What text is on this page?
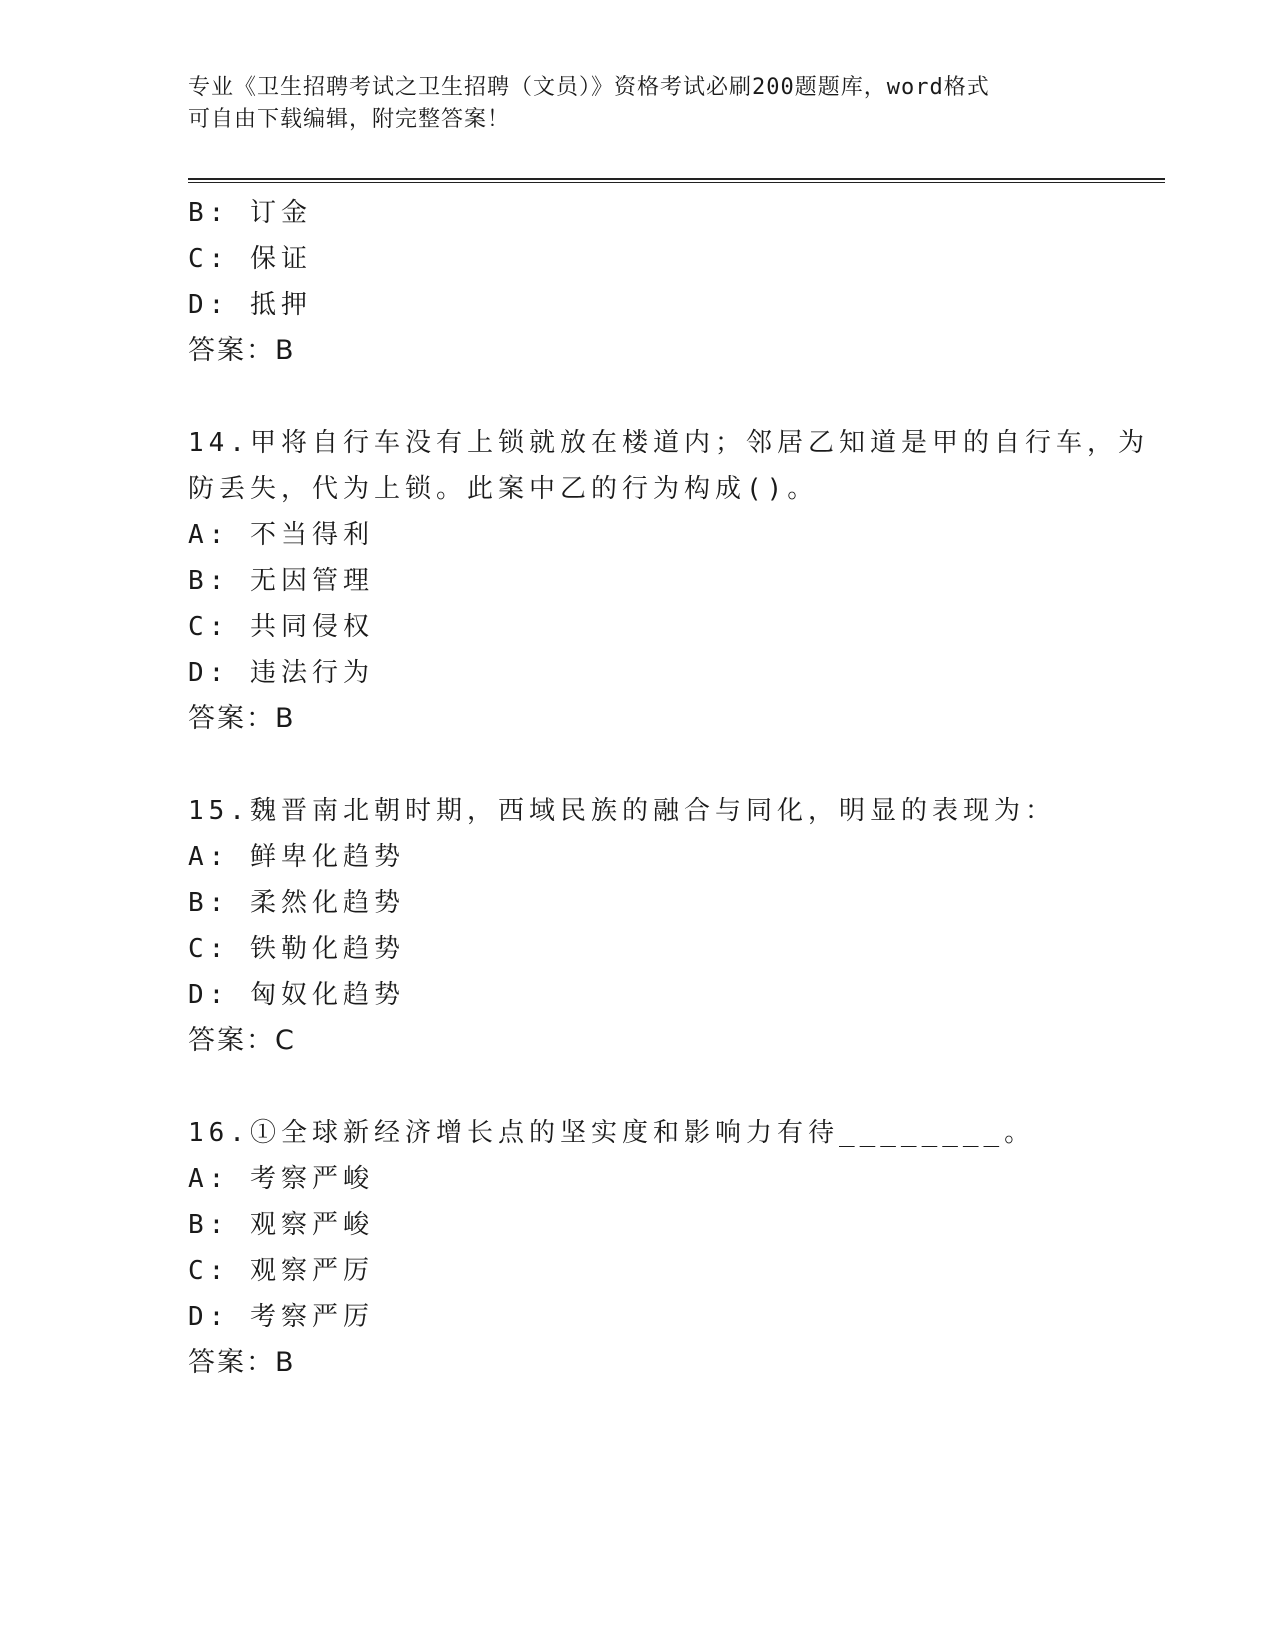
专业《卫生招聘考试之卫生招聘（文员）》资格考试必刷200题题库，word格式
可自由下载编辑，附完整答案！
B: 订金
C: 保证
D: 抵押
答案：B
14.甲将自行车没有上锁就放在楼道内；邻居乙知道是甲的自行车，为
防丢失，代为上锁。此案中乙的行为构成()。
A: 不当得利
B: 无因管理
C: 共同侵权
D: 违法行为
答案：B
15.魏晋南北朝时期，西域民族的融合与同化，明显的表现为：
A: 鲜卑化趋势
B: 柔然化趋势
C: 铁勒化趋势
D: 匈奴化趋势
答案：C
16.①全球新经济增长点的坚实度和影响力有待________。
A: 考察严峻
B: 观察严峻
C: 观察严厉
D: 考察严厉
答案：B
